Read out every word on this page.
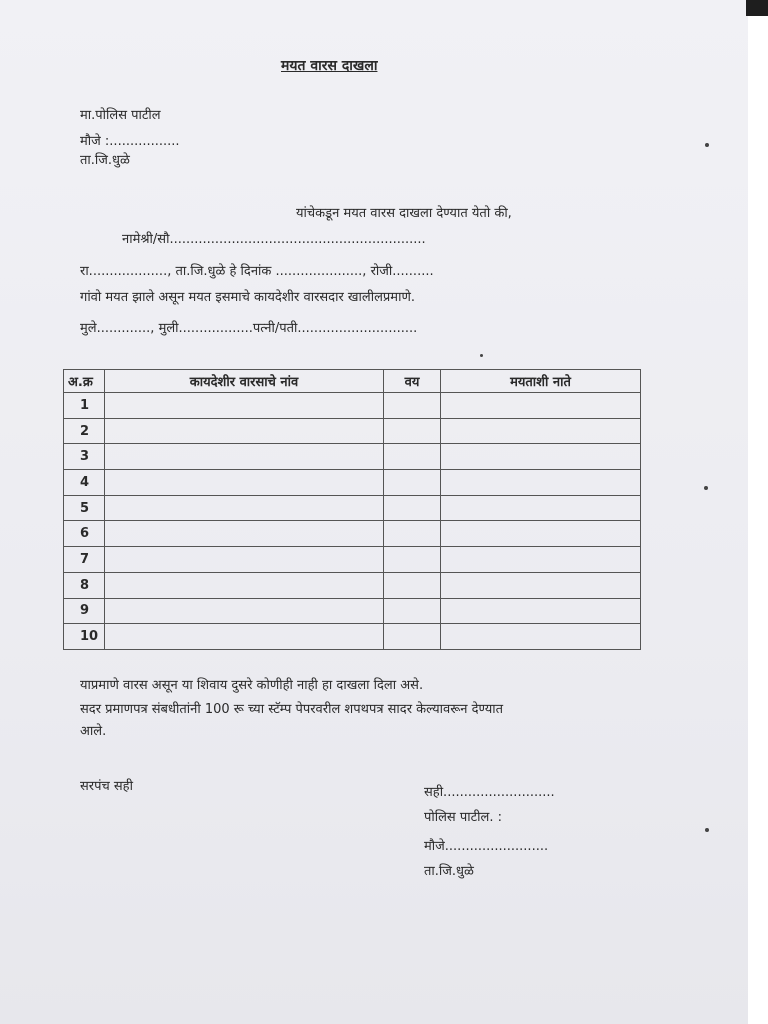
मयत वारस दाखला
मा.पोलिस पाटील
मौजे :.................
ता.जि.धुळे
यांचेकडून मयत वारस दाखला देण्यात येतो की,
नामेश्री/सौ..............................................................
रा..................., ता.जि.धुळे हे दिनांक ....................., रोजी..........
गांवो मयत झाले असून मयत इसमाचे कायदेशीर वारसदार खालीलप्रमाणे.
मुले............., मुली..................पत्नी/पती.............................
अ.क्र	कायदेशीर वारसाचे नांव	वय	मयताशी नाते
1			
2			
3			
4			
5			
6			
7			
8			
9			
10			
याप्रमाणे वारस असून या शिवाय दुसरे कोणीही नाही हा दाखला दिला असे.
सदर प्रमाणपत्र संबधीतांनी 100 रू च्या स्टॅम्प पेपरवरील शपथपत्र सादर केल्यावरून देण्यात
आले.
सरपंच सही	सही...........................
पोलिस पाटील. :
मौजे.........................
ता.जि.धुळे
